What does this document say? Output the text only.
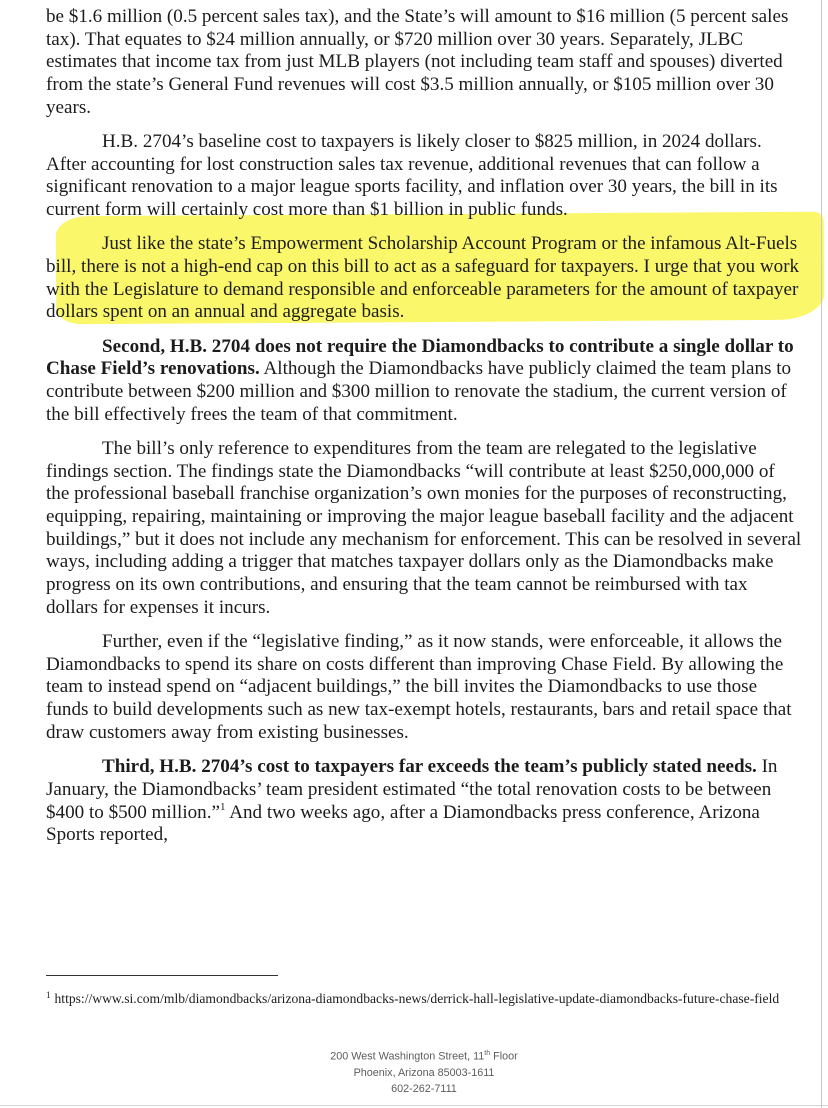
be $1.6 million (0.5 percent sales tax), and the State’s will amount to $16 million (5 percent sales tax). That equates to $24 million annually, or $720 million over 30 years. Separately, JLBC estimates that income tax from just MLB players (not including team staff and spouses) diverted from the state’s General Fund revenues will cost $3.5 million annually, or $105 million over 30 years.

H.B. 2704’s baseline cost to taxpayers is likely closer to $825 million, in 2024 dollars. After accounting for lost construction sales tax revenue, additional revenues that can follow a significant renovation to a major league sports facility, and inflation over 30 years, the bill in its current form will certainly cost more than $1 billion in public funds.

Just like the state’s Empowerment Scholarship Account Program or the infamous Alt-Fuels bill, there is not a high-end cap on this bill to act as a safeguard for taxpayers. I urge that you work with the Legislature to demand responsible and enforceable parameters for the amount of taxpayer dollars spent on an annual and aggregate basis.

Second, H.B. 2704 does not require the Diamondbacks to contribute a single dollar to Chase Field’s renovations. Although the Diamondbacks have publicly claimed the team plans to contribute between $200 million and $300 million to renovate the stadium, the current version of the bill effectively frees the team of that commitment.

The bill’s only reference to expenditures from the team are relegated to the legislative findings section. The findings state the Diamondbacks “will contribute at least $250,000,000 of the professional baseball franchise organization’s own monies for the purposes of reconstructing, equipping, repairing, maintaining or improving the major league baseball facility and the adjacent buildings,” but it does not include any mechanism for enforcement. This can be resolved in several ways, including adding a trigger that matches taxpayer dollars only as the Diamondbacks make progress on its own contributions, and ensuring that the team cannot be reimbursed with tax dollars for expenses it incurs.

Further, even if the “legislative finding,” as it now stands, were enforceable, it allows the Diamondbacks to spend its share on costs different than improving Chase Field. By allowing the team to instead spend on “adjacent buildings,” the bill invites the Diamondbacks to use those funds to build developments such as new tax-exempt hotels, restaurants, bars and retail space that draw customers away from existing businesses.

Third, H.B. 2704’s cost to taxpayers far exceeds the team’s publicly stated needs. In January, the Diamondbacks’ team president estimated “the total renovation costs to be between $400 to $500 million.”$^1$ And two weeks ago, after a Diamondbacks press conference, Arizona Sports reported,

$^1$ https://www.si.com/mlb/diamondbacks/arizona-diamondbacks-news/derrick-hall-legislative-update-diamondbacks-future-chase-field
200 West Washington Street, 11th Floor
Phoenix, Arizona 85003-1611
602-262-7111
